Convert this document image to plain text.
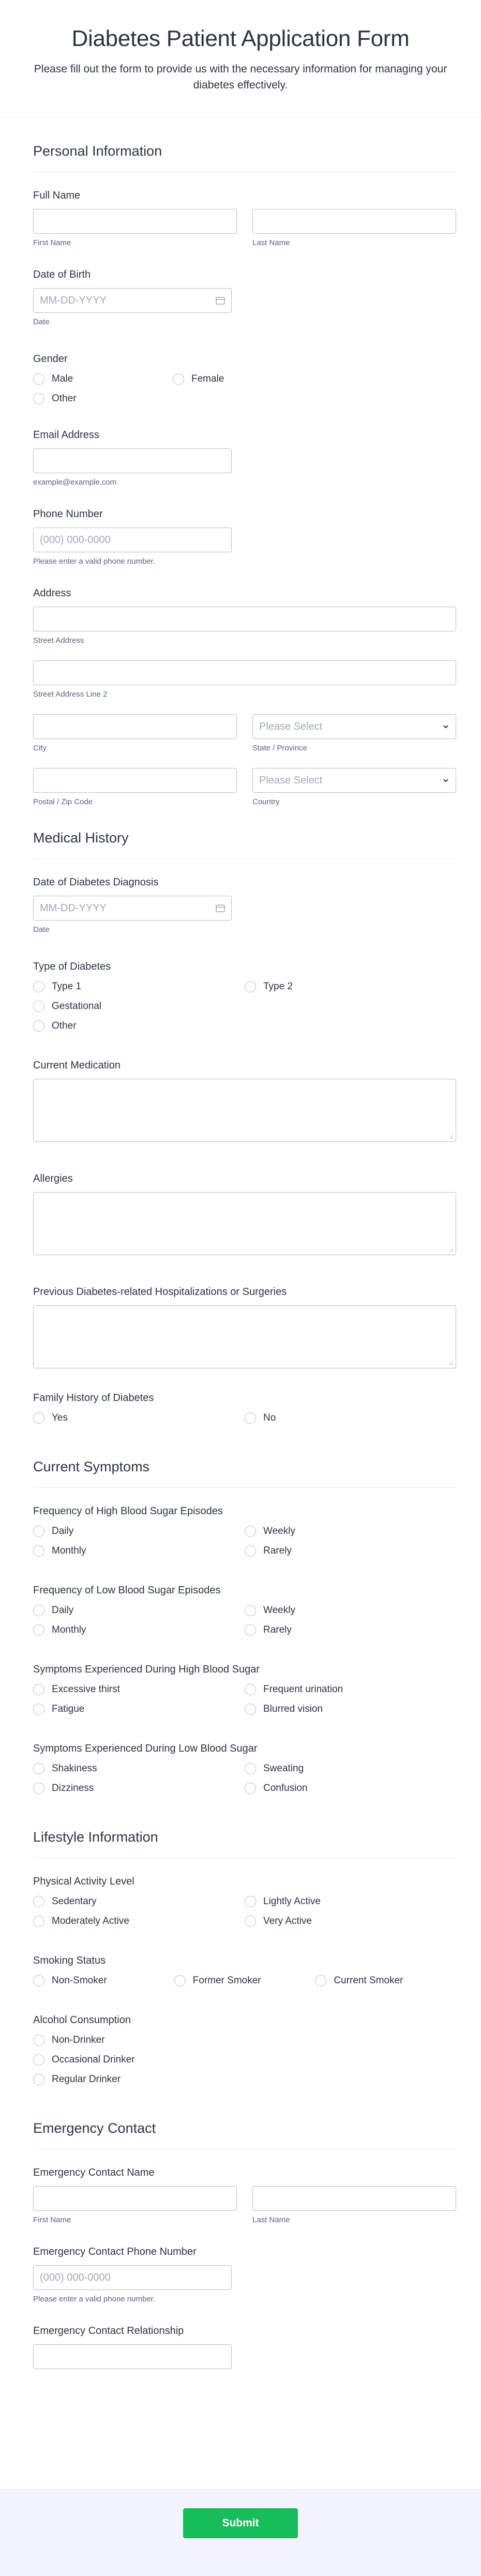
Diabetes Patient Application Form

Please fill out the form to provide us with the necessary information for managing your diabetes effectively.

Personal Information
Full Name
First Name	Last Name
Date of Birth
MM-DD-YYYY
Date
Gender
Male	Female
Other
Email Address
example@example.com
Phone Number
(000) 000-0000
Please enter a valid phone number.
Address
Street Address
Street Address Line 2
City
Please Select
State / Province
Postal / Zip Code
Please Select
Country
Medical History
Date of Diabetes Diagnosis
MM-DD-YYYY
Date
Type of Diabetes
Type 1	Type 2
Gestational
Other
Current Medication
Allergies
Previous Diabetes-related Hospitalizations or Surgeries
Family History of Diabetes
Yes	No
Current Symptoms
Frequency of High Blood Sugar Episodes
Daily	Weekly
Monthly	Rarely
Frequency of Low Blood Sugar Episodes
Daily	Weekly
Monthly	Rarely
Symptoms Experienced During High Blood Sugar
Excessive thirst	Frequent urination
Fatigue	Blurred vision
Symptoms Experienced During Low Blood Sugar
Shakiness	Sweating
Dizziness	Confusion
Lifestyle Information
Physical Activity Level
Sedentary	Lightly Active
Moderately Active	Very Active
Smoking Status
Non-Smoker	Former Smoker	Current Smoker
Alcohol Consumption
Non-Drinker
Occasional Drinker
Regular Drinker
Emergency Contact
Emergency Contact Name
First Name	Last Name
Emergency Contact Phone Number
(000) 000-0000
Please enter a valid phone number.
Emergency Contact Relationship
Submit
